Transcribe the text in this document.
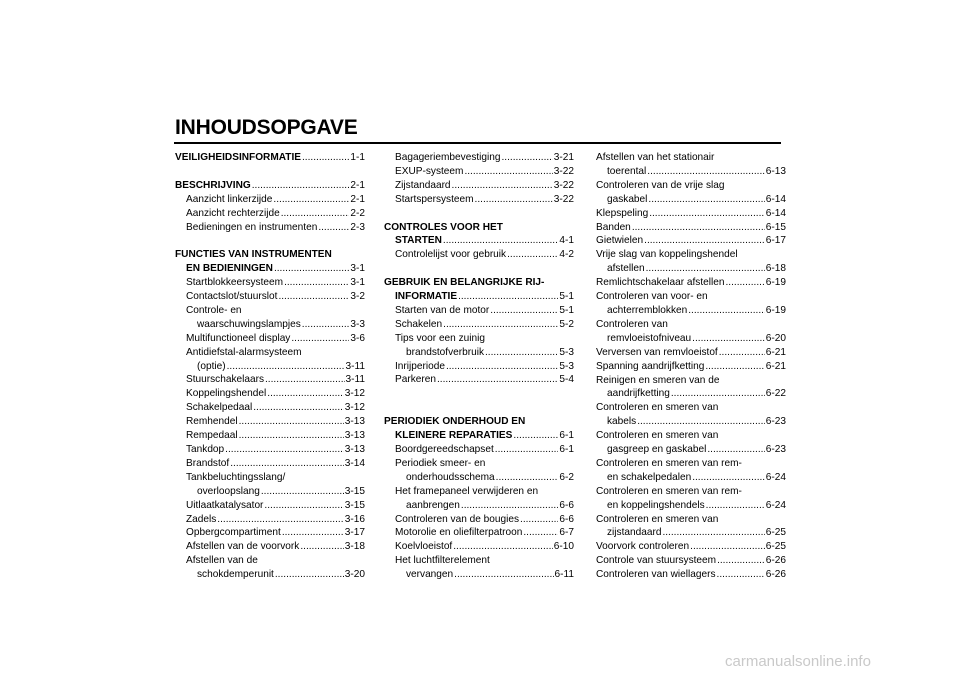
INHOUDSOPGAVE
VEILIGHEIDSINFORMATIE .....	1-1
BESCHRIJVING .....	2-1
Aanzicht linkerzijde .....	2-1
Aanzicht rechterzijde .....	2-2
Bedieningen en instrumenten .....	2-3
FUNCTIES VAN INSTRUMENTEN
EN BEDIENINGEN .....	3-1
Startblokkeersysteem .....	3-1
Contactslot/stuurslot .....	3-2
Controle- en
waarschuwingslampjes .....	3-3
Multifunctioneel display .....	3-6
Antidiefstal-alarmsysteem
(optie) .....	3-11
Stuurschakelaars .....	3-11
Koppelingshendel .....	3-12
Schakelpedaal .....	3-12
Remhendel .....	3-13
Rempedaal .....	3-13
Tankdop .....	3-13
Brandstof .....	3-14
Tankbeluchtingsslang/
overloopslang .....	3-15
Uitlaatkatalysator .....	3-15
Zadels .....	3-16
Opbergcompartiment .....	3-17
Afstellen van de voorvork .....	3-18
Afstellen van de
schokdemperunit .....	3-20
Bagageriembevestiging .....	3-21
EXUP-systeem .....	3-22
Zijstandaard .....	3-22
Startspersysteem .....	3-22
CONTROLES VOOR HET
STARTEN .....	4-1
Controlelijst voor gebruik .....	4-2
GEBRUIK EN BELANGRIJKE RIJ-
INFORMATIE .....	5-1
Starten van de motor .....	5-1
Schakelen .....	5-2
Tips voor een zuinig
brandstofverbruik .....	5-3
Inrijperiode .....	5-3
Parkeren .....	5-4
PERIODIEK ONDERHOUD EN
KLEINERE REPARATIES .....	6-1
Boordgereedschapset .....	6-1
Periodiek smeer- en
onderhoudsschema .....	6-2
Het framepaneel verwijderen en
aanbrengen .....	6-6
Controleren van de bougies .....	6-6
Motorolie en oliefilterpatroon .....	6-7
Koelvloeistof .....	6-10
Het luchtfilterelement
vervangen .....	6-11
Afstellen van het stationair
toerental .....	6-13
Controleren van de vrije slag
gaskabel .....	6-14
Klepspeling .....	6-14
Banden .....	6-15
Gietwielen .....	6-17
Vrije slag van koppelingshendel
afstellen .....	6-18
Remlichtschakelaar afstellen .....	6-19
Controleren van voor- en
achterremblokken .....	6-19
Controleren van
remvloeistofniveau .....	6-20
Verversen van remvloeistof .....	6-21
Spanning aandrijfketting .....	6-21
Reinigen en smeren van de
aandrijfketting .....	6-22
Controleren en smeren van
kabels .....	6-23
Controleren en smeren van
gasgreep en gaskabel .....	6-23
Controleren en smeren van rem-
en schakelpedalen .....	6-24
Controleren en smeren van rem-
en koppelingshendels .....	6-24
Controleren en smeren van
zijstandaard .....	6-25
Voorvork controleren .....	6-25
Controle van stuursysteem .....	6-26
Controleren van wiellagers .....	6-26
carmanualsonline.info
